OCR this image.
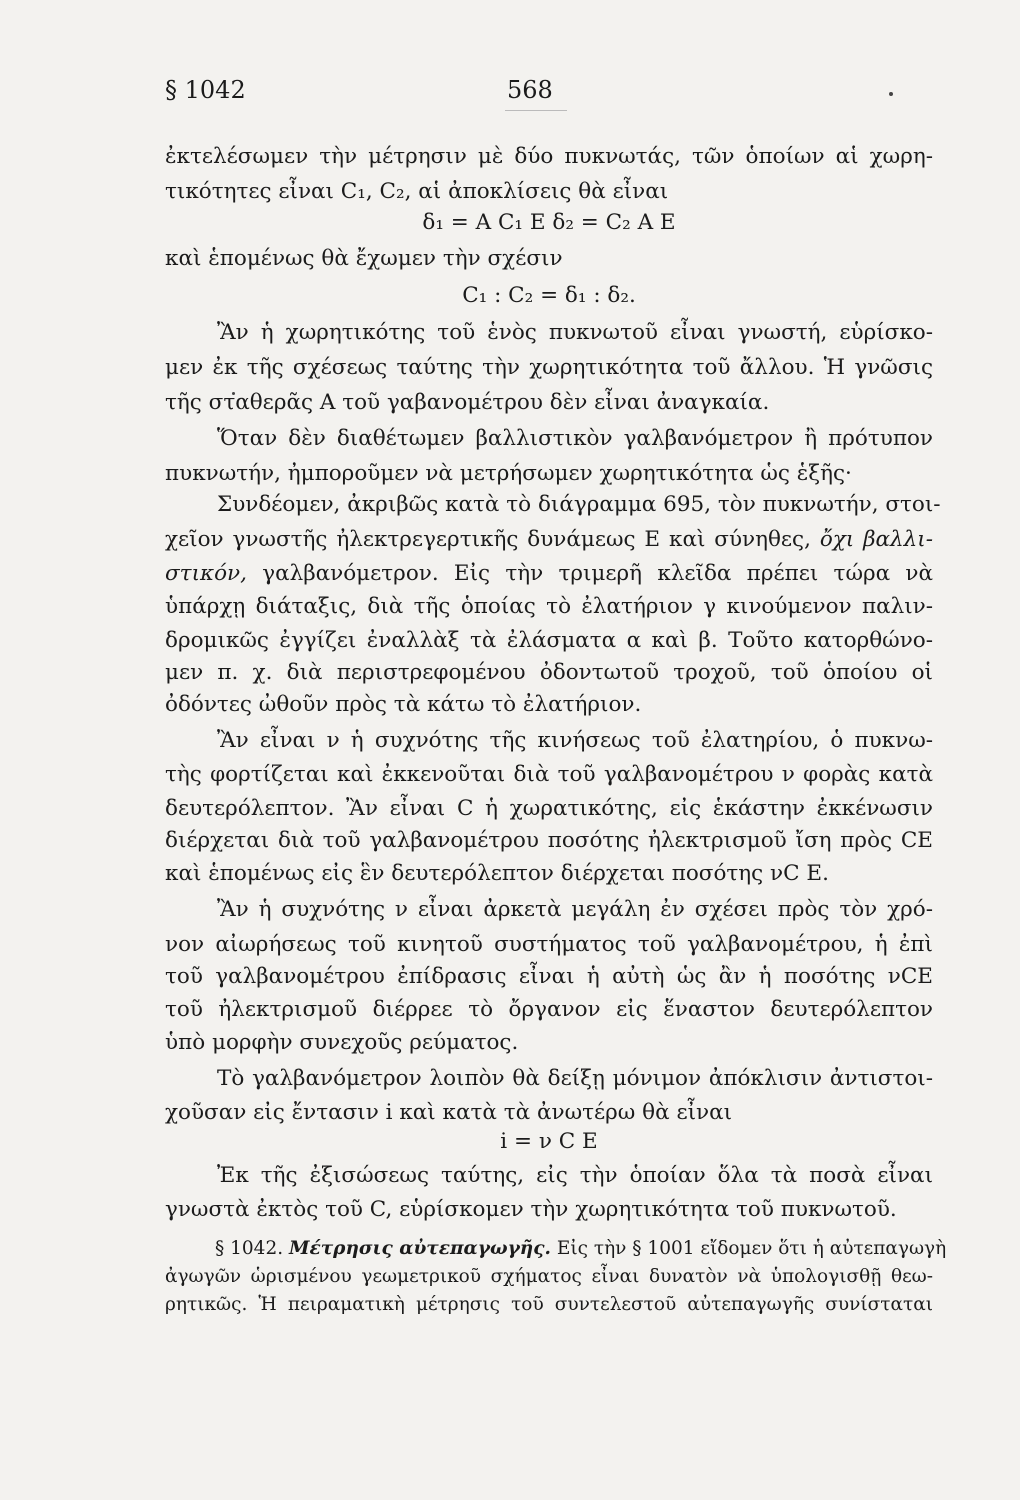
§ 1042	568
ἐκτελέσωμεν τὴν μέτρησιν μὲ δύο πυκνωτάς, τῶν ὁποίων αἱ χωρη-
τικότητες εἶναι C₁, C₂, αἱ ἀποκλίσεις θὰ εἶναι
δ₁ = A C₁ E δ₂ = C₂ A E
καὶ ἑπομένως θὰ ἔχωμεν τὴν σχέσιν
C₁ : C₂ = δ₁ : δ₂.
Ἂν ἡ χωρητικότης τοῦ ἑνὸς πυκνωτοῦ εἶναι γνωστή, εὑρίσκο-
μεν ἐκ τῆς σχέσεως ταύτης τὴν χωρητικότητα τοῦ ἄλλου. Ἡ γνῶσις
τῆς σταθερᾶς A τοῦ γαβανομέτρου δὲν εἶναι ἀναγκαία.
Ὅταν δὲν διαθέτωμεν βαλλιστικὸν γαλβανόμετρον ἢ πρότυπον
πυκνωτήν, ἠμποροῦμεν νὰ μετρήσωμεν χωρητικότητα ὡς ἑξῆς·
Συνδέομεν, ἀκριβῶς κατὰ τὸ διάγραμμα 695, τὸν πυκνωτήν, στοι-
χεῖον γνωστῆς ἠλεκτρεγερτικῆς δυνάμεως E καὶ σύνηθες, ὄχι βαλλι-
στικόν, γαλβανόμετρον. Εἰς τὴν τριμερῆ κλεῖδα πρέπει τώρα νὰ
ὑπάρχῃ διάταξις, διὰ τῆς ὁποίας τὸ ἐλατήριον γ κινούμενον παλιν-
δρομικῶς ἐγγίζει ἐναλλὰξ τὰ ἐλάσματα α καὶ β. Τοῦτο κατορθώνο-
μεν π. χ. διὰ περιστρεφομένου ὀδοντωτοῦ τροχοῦ, τοῦ ὁποίου οἱ
ὀδόντες ὠθοῦν πρὸς τὰ κάτω τὸ ἐλατήριον.
Ἂν εἶναι ν ἡ συχνότης τῆς κινήσεως τοῦ ἐλατηρίου, ὁ πυκνω-
τὴς φορτίζεται καὶ ἐκκενοῦται διὰ τοῦ γαλβανομέτρου ν φορὰς κατὰ
δευτερόλεπτον. Ἂν εἶναι C ἡ χωρατικότης, εἰς ἑκάστην ἐκκένωσιν
διέρχεται διὰ τοῦ γαλβανομέτρου ποσότης ἠλεκτρισμοῦ ἴση πρὸς CE
καὶ ἑπομένως εἰς ἓν δευτερόλεπτον διέρχεται ποσότης νC E.
Ἂν ἡ συχνότης ν εἶναι ἀρκετὰ μεγάλη ἐν σχέσει πρὸς τὸν χρό-
νον αἰωρήσεως τοῦ κινητοῦ συστήματος τοῦ γαλβανομέτρου, ἡ ἐπὶ
τοῦ γαλβανομέτρου ἐπίδρασις εἶναι ἡ αὐτὴ ὡς ἂν ἡ ποσότης νCE
τοῦ ἠλεκτρισμοῦ διέρρεε τὸ ὄργανον εἰς ἕναστον δευτερόλεπτον
ὑπὸ μορφὴν συνεχοῦς ρεύματος.
Τὸ γαλβανόμετρον λοιπὸν θὰ δείξῃ μόνιμον ἀπόκλισιν ἀντιστοι-
χοῦσαν εἰς ἔντασιν i καὶ κατὰ τὰ ἀνωτέρω θὰ εἶναι
i = ν C E
Ἐκ τῆς ἐξισώσεως ταύτης, εἰς τὴν ὁποίαν ὅλα τὰ ποσὰ εἶναι
γνωστὰ ἐκτὸς τοῦ C, εὑρίσκομεν τὴν χωρητικότητα τοῦ πυκνωτοῦ.
§ 1042. Μέτρησις αὐτεπαγωγῆς. Εἰς τὴν § 1001 εἴδομεν ὅτι ἡ αὐτεπαγωγὴ
ἀγωγῶν ὡρισμένου γεωμετρικοῦ σχήματος εἶναι δυνατὸν νὰ ὑπολογισθῇ θεω-
ρητικῶς. Ἡ πειραματικὴ μέτρησις τοῦ συντελεστοῦ αὐτεπαγωγῆς συνίσταται
